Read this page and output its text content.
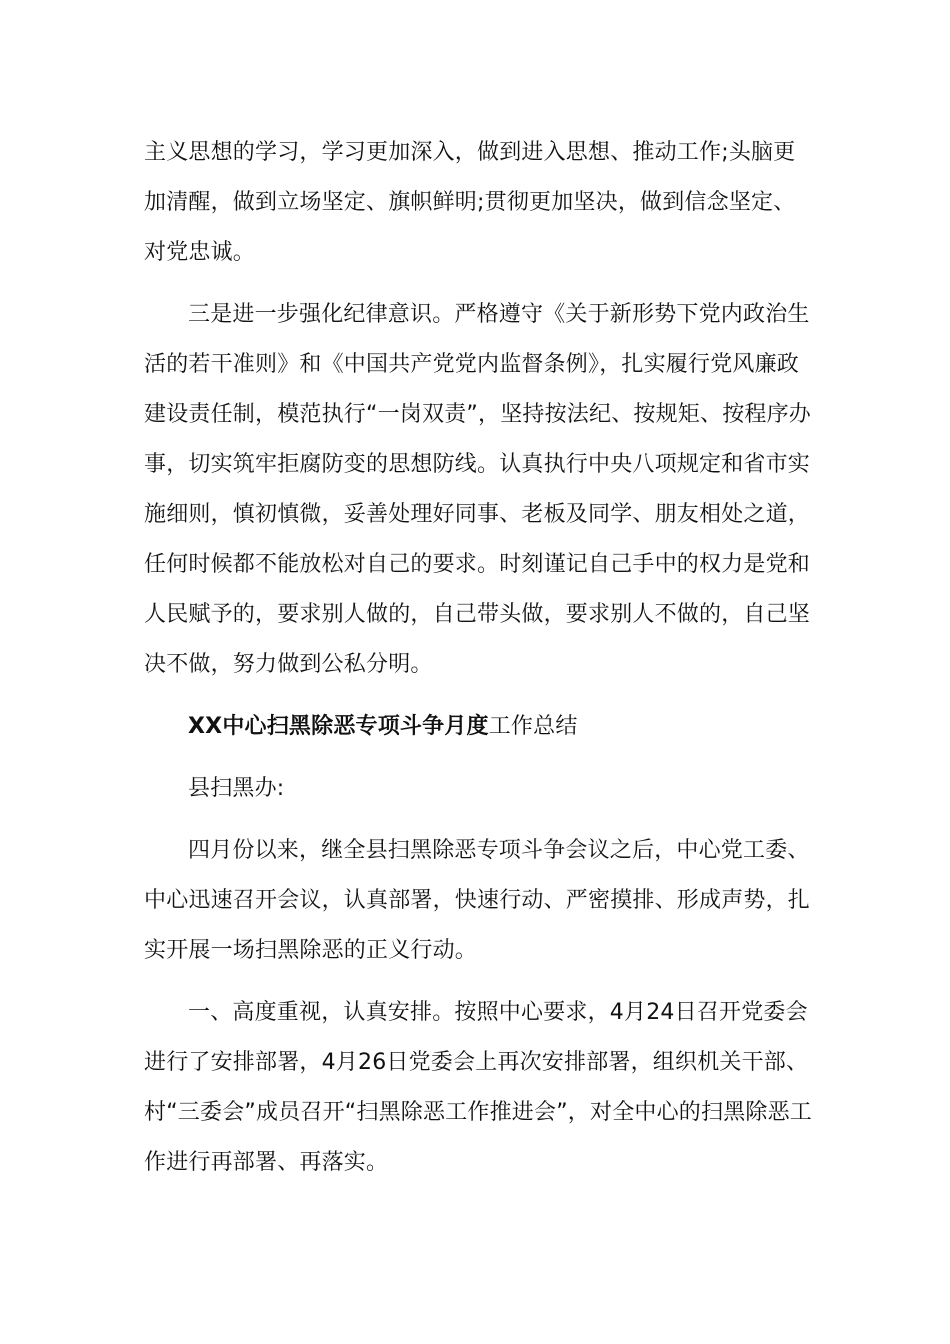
主义思想的学习，学习更加深入，做到进入思想、推动工作;头脑更加清醒，做到立场坚定、旗帜鲜明;贯彻更加坚决，做到信念坚定、对党忠诚。

三是进一步强化纪律意识。严格遵守《关于新形势下党内政治生活的若干准则》和《中国共产党党内监督条例》，扎实履行党风廉政建设责任制，模范执行“一岗双责”，坚持按法纪、按规矩、按程序办事，切实筑牢拒腐防变的思想防线。认真执行中央八项规定和省市实施细则，慎初慎微，妥善处理好同事、老板及同学、朋友相处之道，任何时候都不能放松对自己的要求。时刻谨记自己手中的权力是党和人民赋予的，要求别人做的，自己带头做，要求别人不做的，自己坚决不做，努力做到公私分明。

XX中心扫黑除恶专项斗争月度工作总结

县扫黑办:

四月份以来，继全县扫黑除恶专项斗争会议之后，中心党工委、中心迅速召开会议，认真部署，快速行动、严密摸排、形成声势，扎实开展一场扫黑除恶的正义行动。

一、高度重视，认真安排。按照中心要求，4月24日召开党委会进行了安排部署，4月26日党委会上再次安排部署，组织机关干部、村“三委会”成员召开“扫黑除恶工作推进会”，对全中心的扫黑除恶工作进行再部署、再落实。
